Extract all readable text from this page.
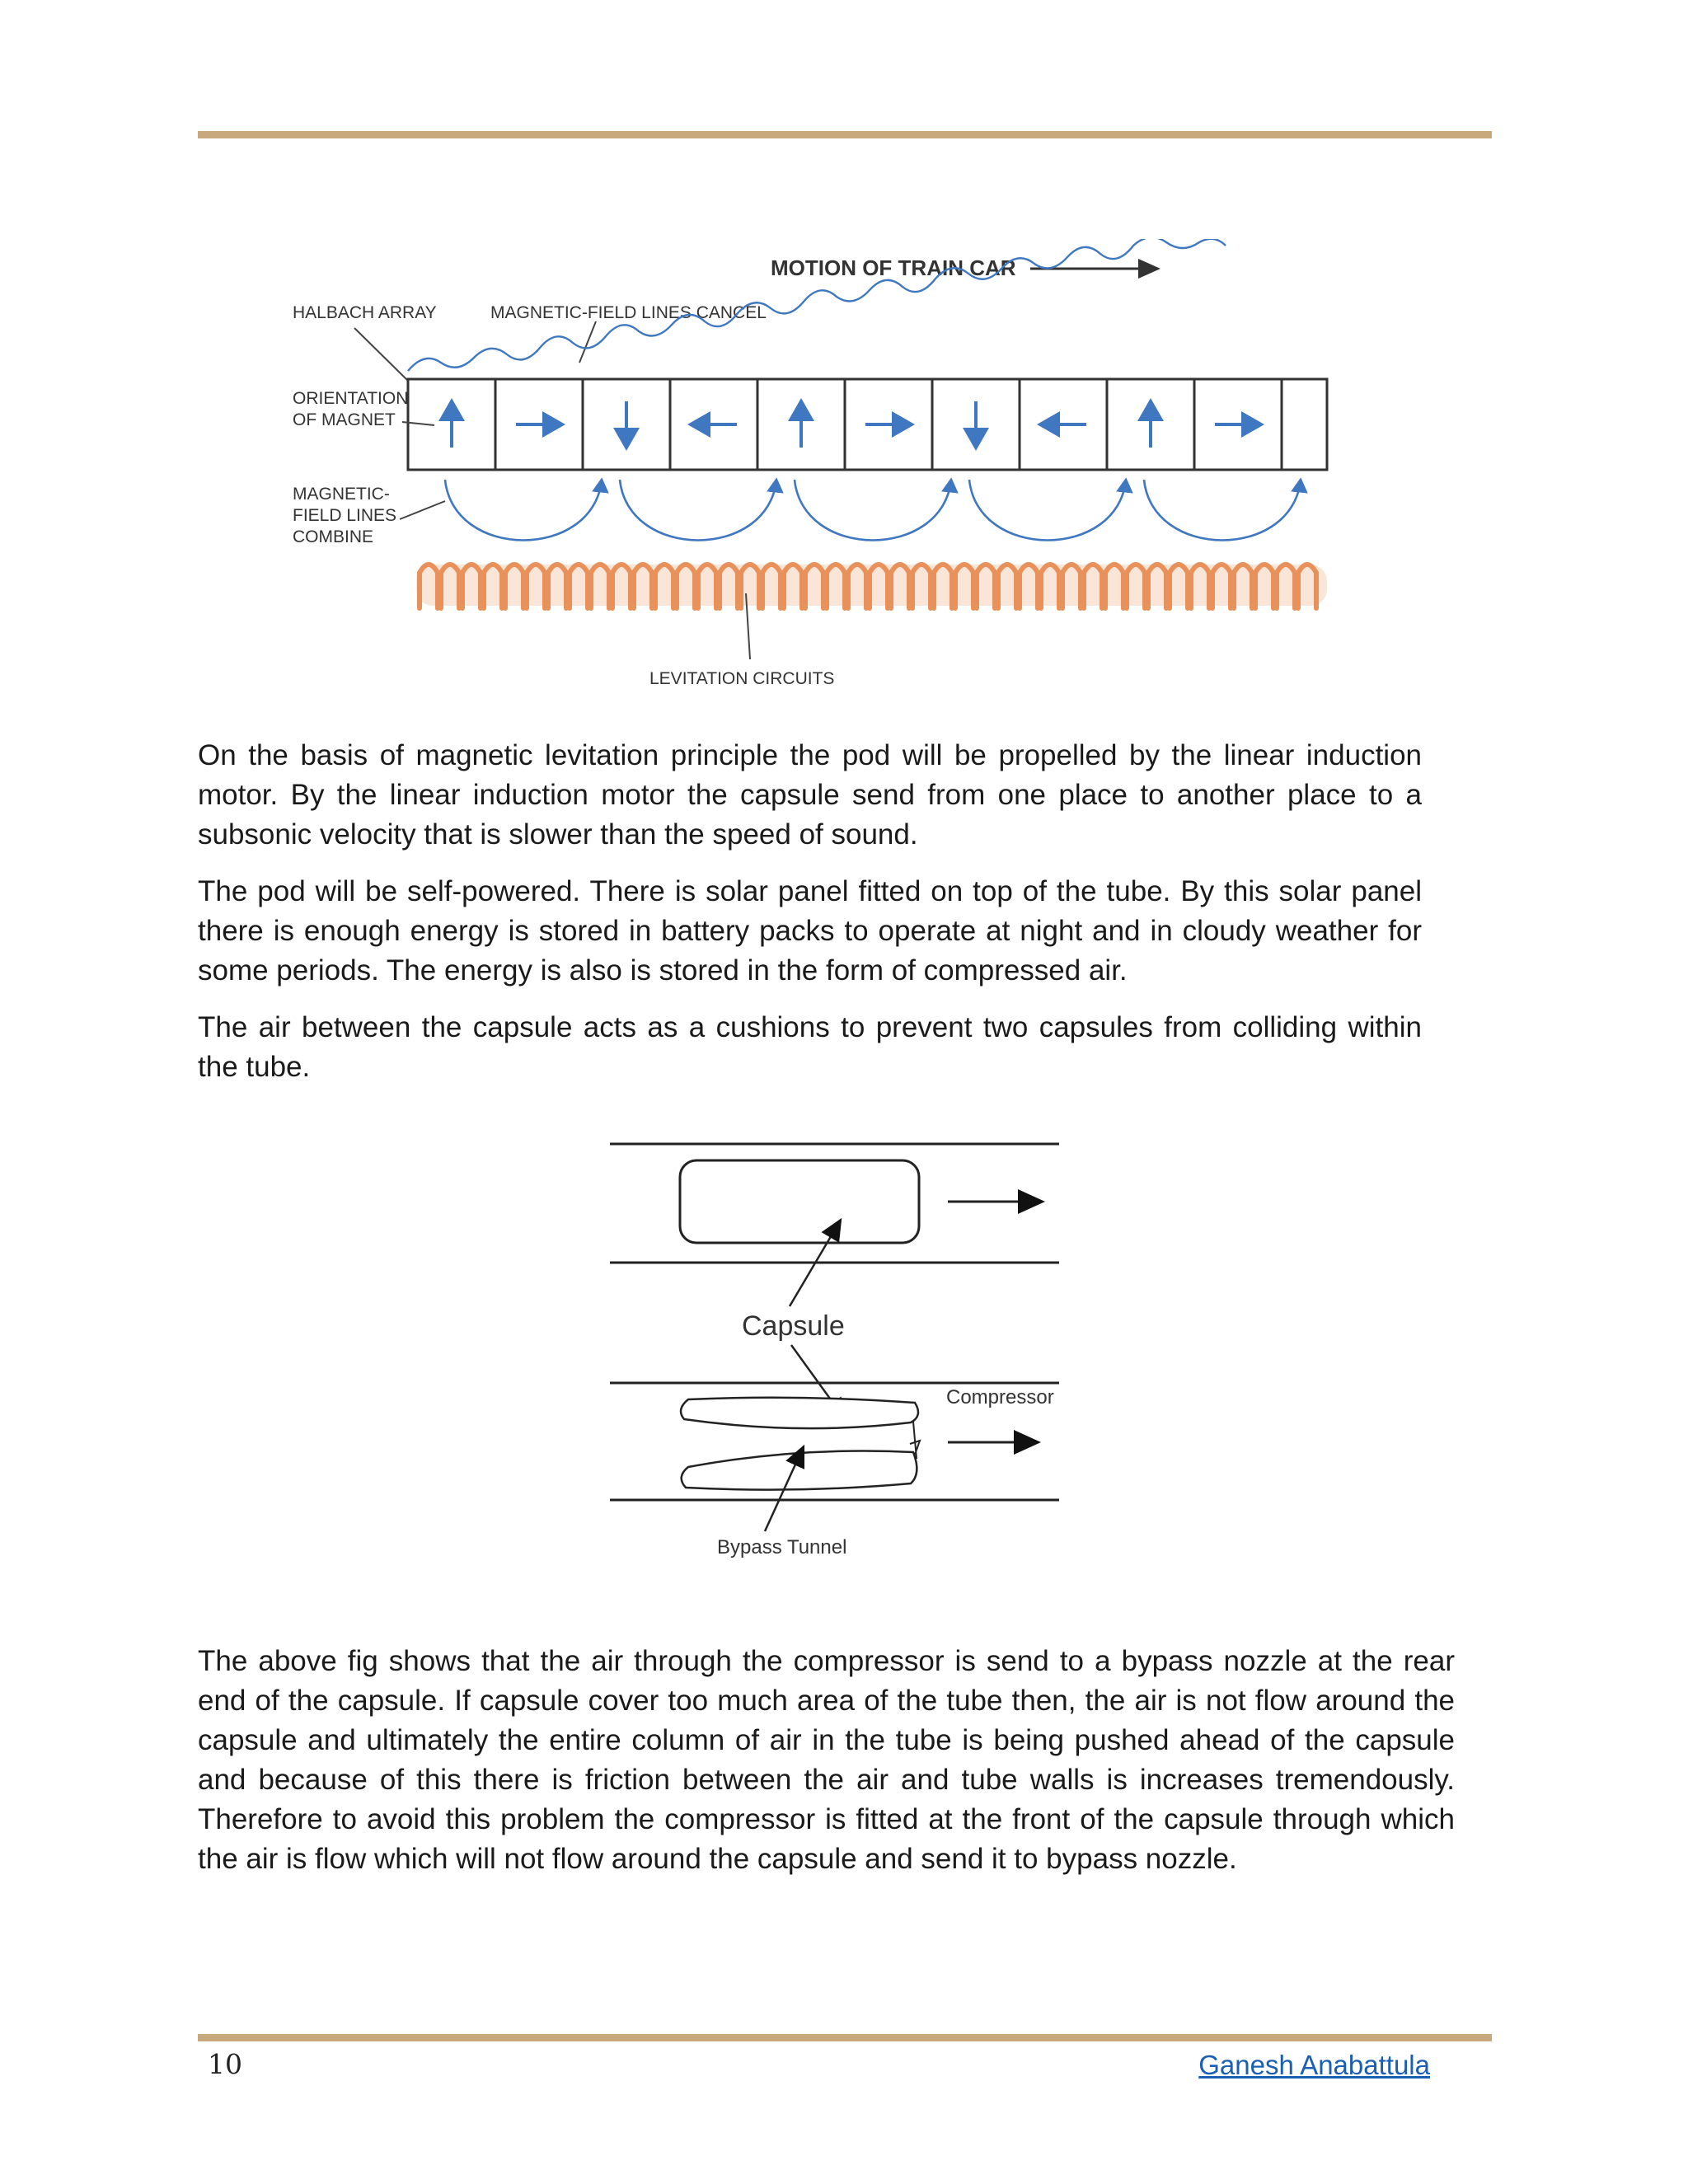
MOTION OF TRAIN CAR
HALBACH ARRAY	MAGNETIC-FIELD LINES CANCEL
ORIENTATION
OF MAGNET
MAGNETIC-
FIELD LINES
COMBINE
LEVITATION CIRCUITS

On the basis of magnetic levitation principle the pod will be propelled by the linear induction motor. By the linear induction motor the capsule send from one place to another place to a subsonic velocity that is slower than the speed of sound.

The pod will be self-powered. There is solar panel fitted on top of the tube. By this solar panel there is enough energy is stored in battery packs to operate at night and in cloudy weather for some periods. The energy is also is stored in the form of compressed air.

The air between the capsule acts as a cushions to prevent two capsules from colliding within the tube.

Capsule
Compressor
Bypass Tunnel

The above fig shows that the air through the compressor is send to a bypass nozzle at the rear end of the capsule. If capsule cover too much area of the tube then, the air is not flow around the capsule and ultimately the entire column of air in the tube is being pushed ahead of the capsule and because of this there is friction between the air and tube walls is increases tremendously. Therefore to avoid this problem the compressor is fitted at the front of the capsule through which the air is flow which will not flow around the capsule and send it to bypass nozzle.

10	Ganesh Anabattula
